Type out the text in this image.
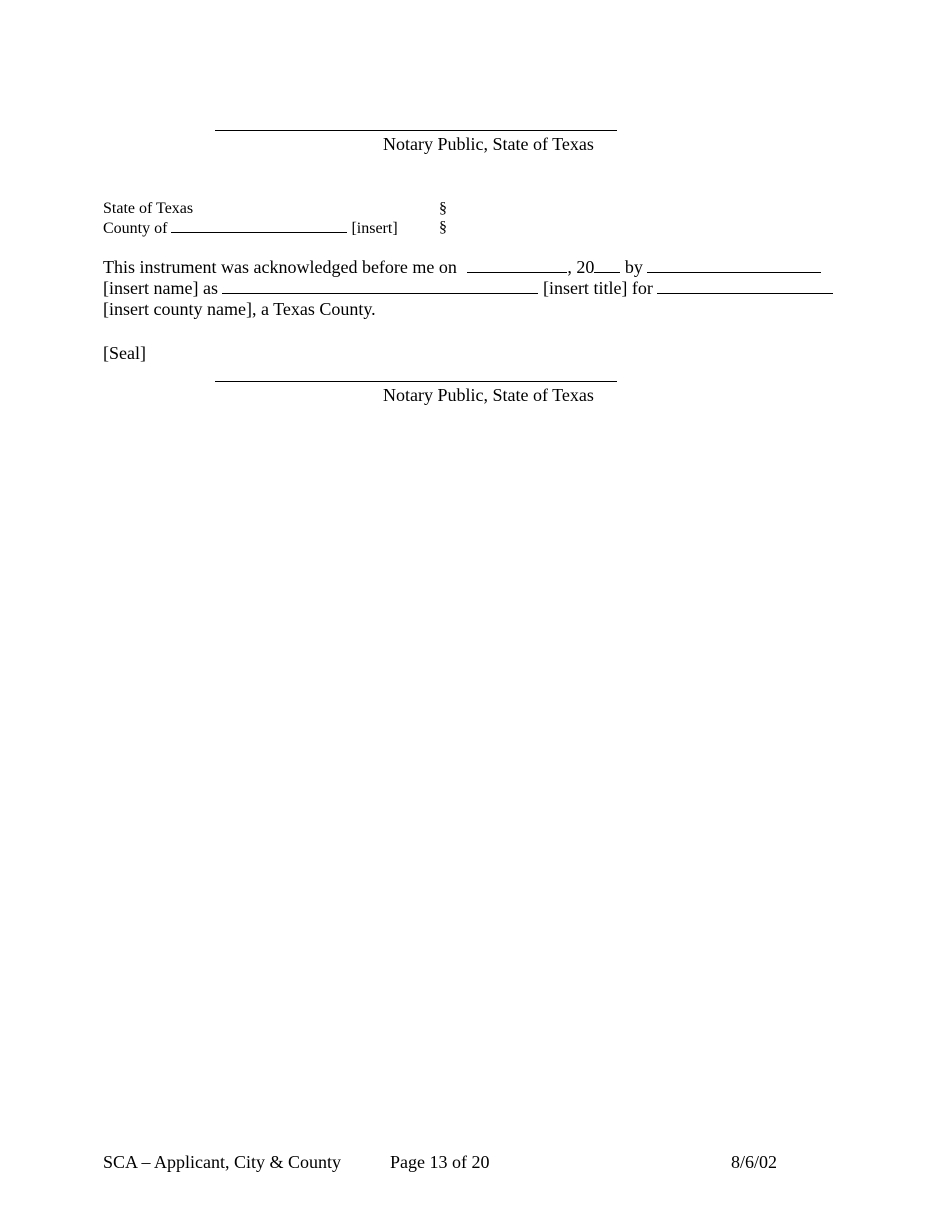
Notary Public, State of Texas
State of Texas	§
County of	[insert]	§
This instrument was acknowledged before me on	, 20 by
[insert name] as	[insert title] for
[insert county name], a Texas County.
[Seal]
Notary Public, State of Texas
SCA – Applicant, City & County	Page 13 of 20	8/6/02
